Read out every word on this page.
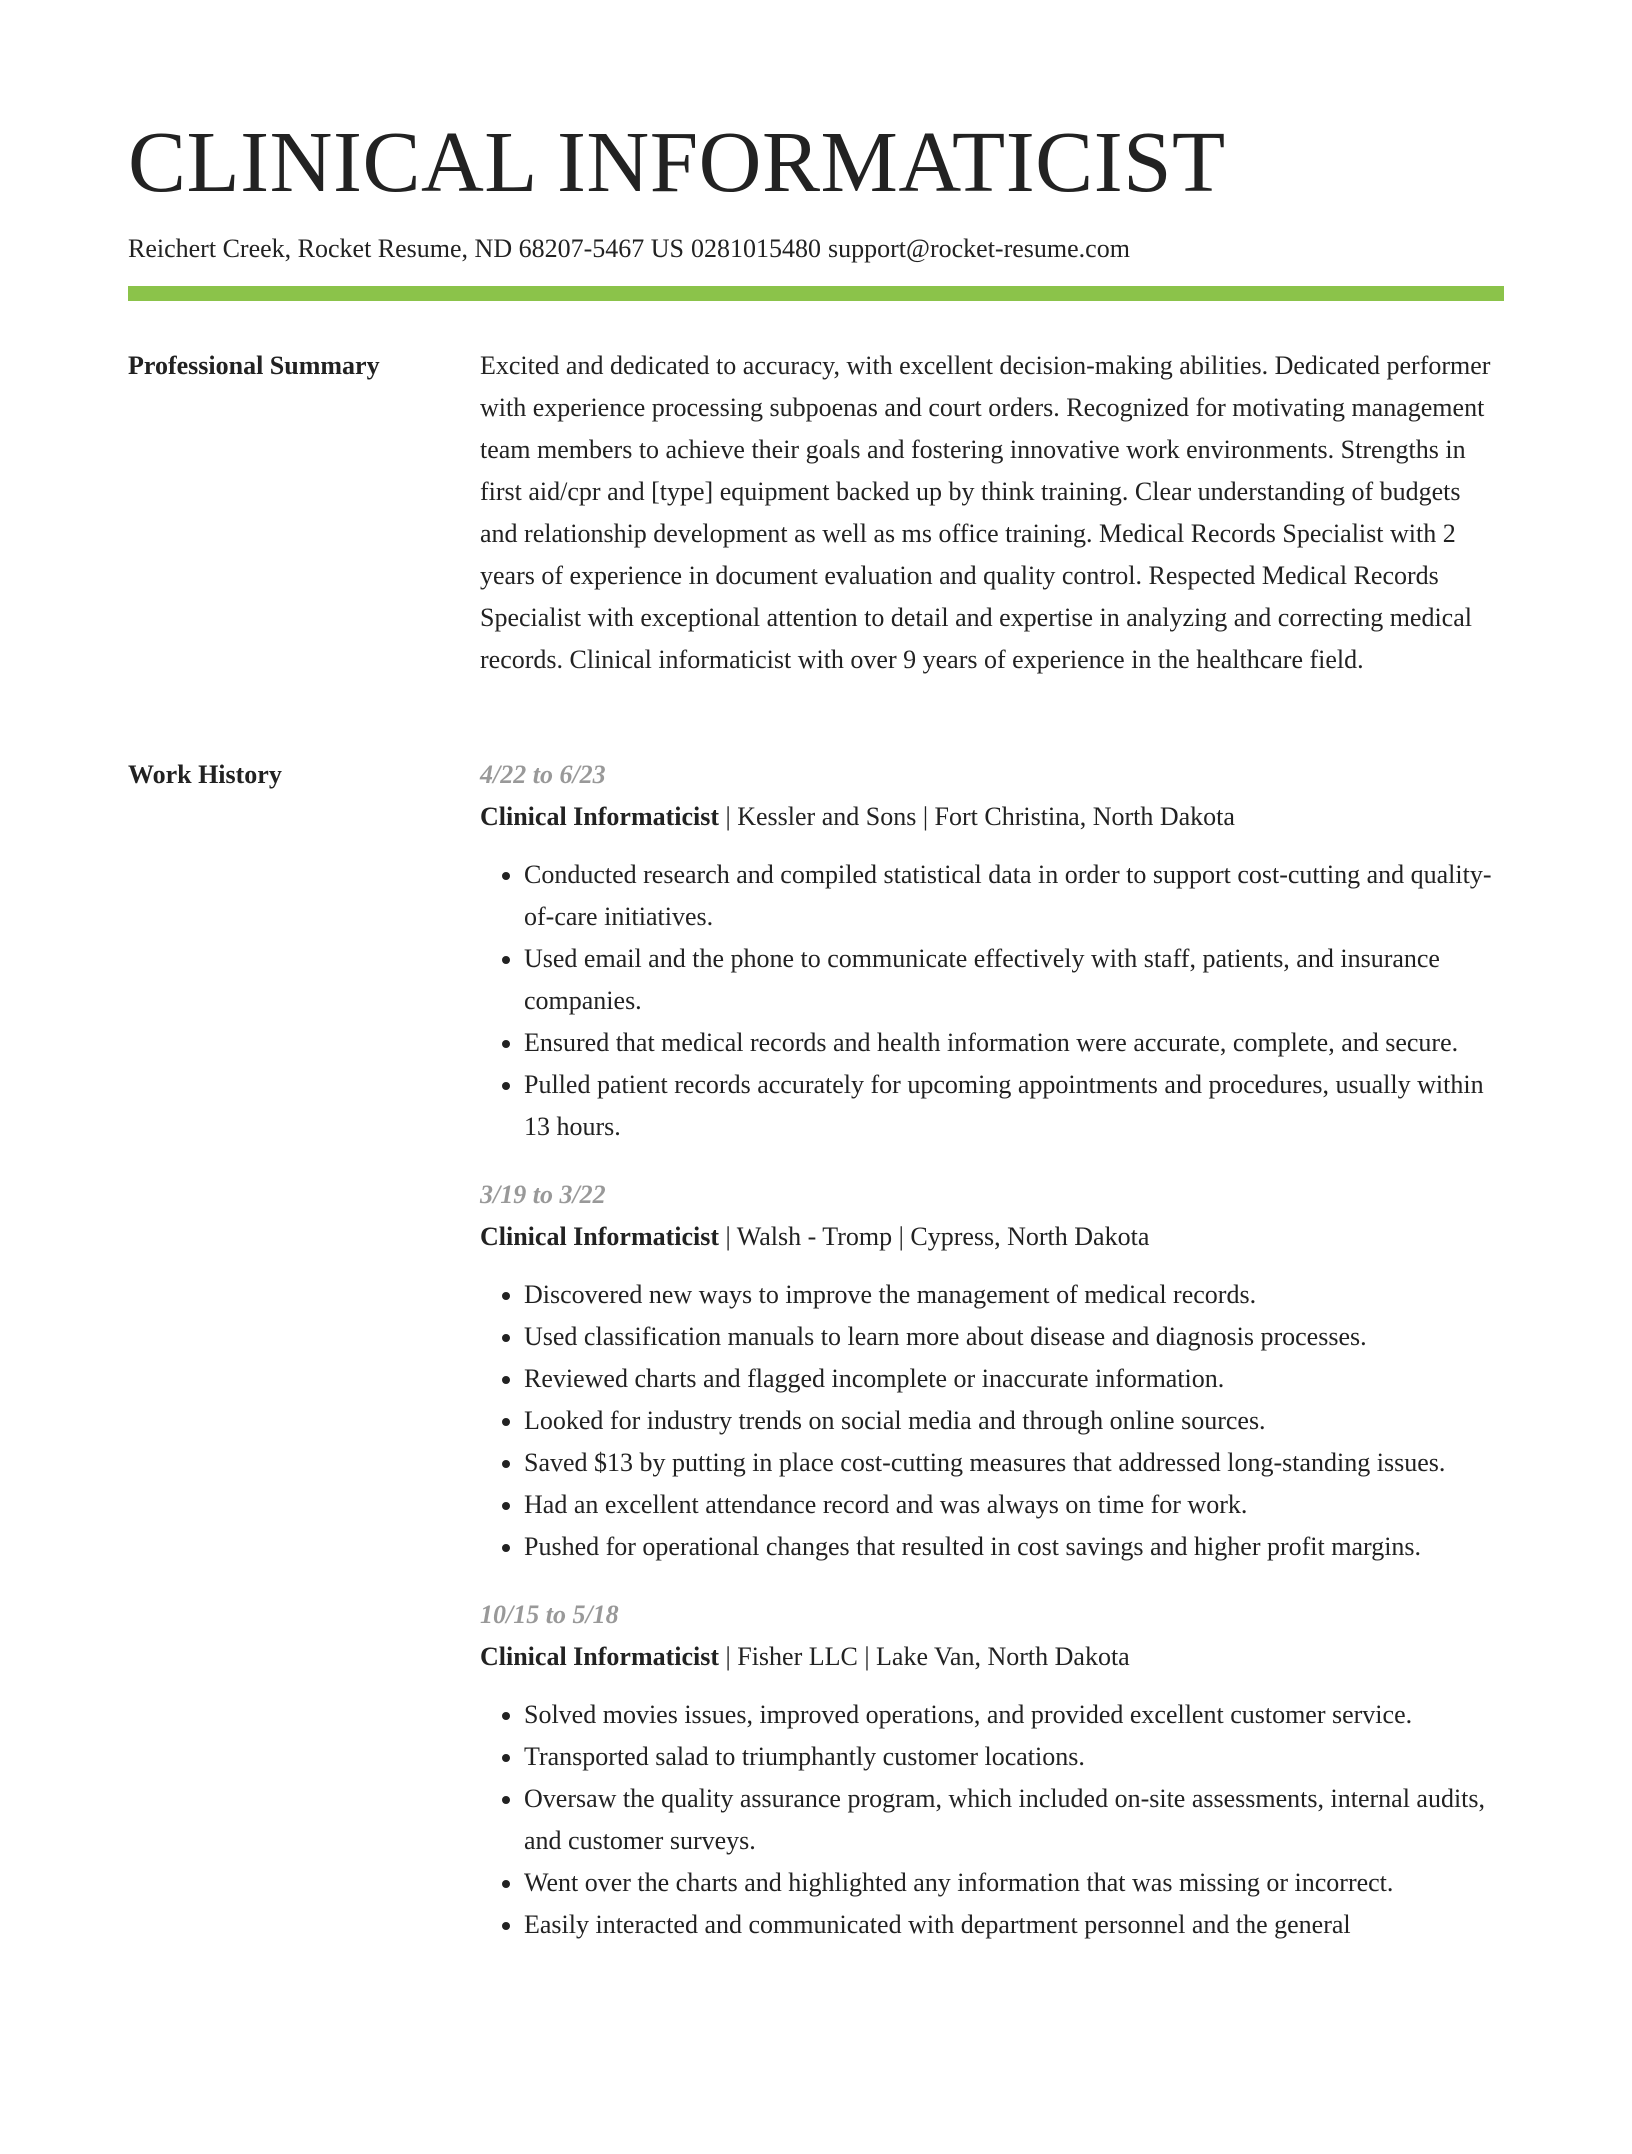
CLINICAL INFORMATICIST
Reichert Creek, Rocket Resume, ND 68207-5467 US 0281015480 support@rocket-resume.com
Professional Summary	Excited and dedicated to accuracy, with excellent decision-making abilities. Dedicated performer with experience processing subpoenas and court orders. Recognized for motivating management team members to achieve their goals and fostering innovative work environments. Strengths in first aid/cpr and [type] equipment backed up by think training. Clear understanding of budgets and relationship development as well as ms office training. Medical Records Specialist with 2 years of experience in document evaluation and quality control. Respected Medical Records Specialist with exceptional attention to detail and expertise in analyzing and correcting medical records. Clinical informaticist with over 9 years of experience in the healthcare field.

Work History	4/22 to 6/23
Clinical Informaticist | Kessler and Sons | Fort Christina, North Dakota
• Conducted research and compiled statistical data in order to support cost-cutting and quality-of-care initiatives.
• Used email and the phone to communicate effectively with staff, patients, and insurance companies.
• Ensured that medical records and health information were accurate, complete, and secure.
• Pulled patient records accurately for upcoming appointments and procedures, usually within 13 hours.
3/19 to 3/22
Clinical Informaticist | Walsh - Tromp | Cypress, North Dakota
• Discovered new ways to improve the management of medical records.
• Used classification manuals to learn more about disease and diagnosis processes.
• Reviewed charts and flagged incomplete or inaccurate information.
• Looked for industry trends on social media and through online sources.
• Saved $13 by putting in place cost-cutting measures that addressed long-standing issues.
• Had an excellent attendance record and was always on time for work.
• Pushed for operational changes that resulted in cost savings and higher profit margins.
10/15 to 5/18
Clinical Informaticist | Fisher LLC | Lake Van, North Dakota
• Solved movies issues, improved operations, and provided excellent customer service.
• Transported salad to triumphantly customer locations.
• Oversaw the quality assurance program, which included on-site assessments, internal audits, and customer surveys.
• Went over the charts and highlighted any information that was missing or incorrect.
• Easily interacted and communicated with department personnel and the general
